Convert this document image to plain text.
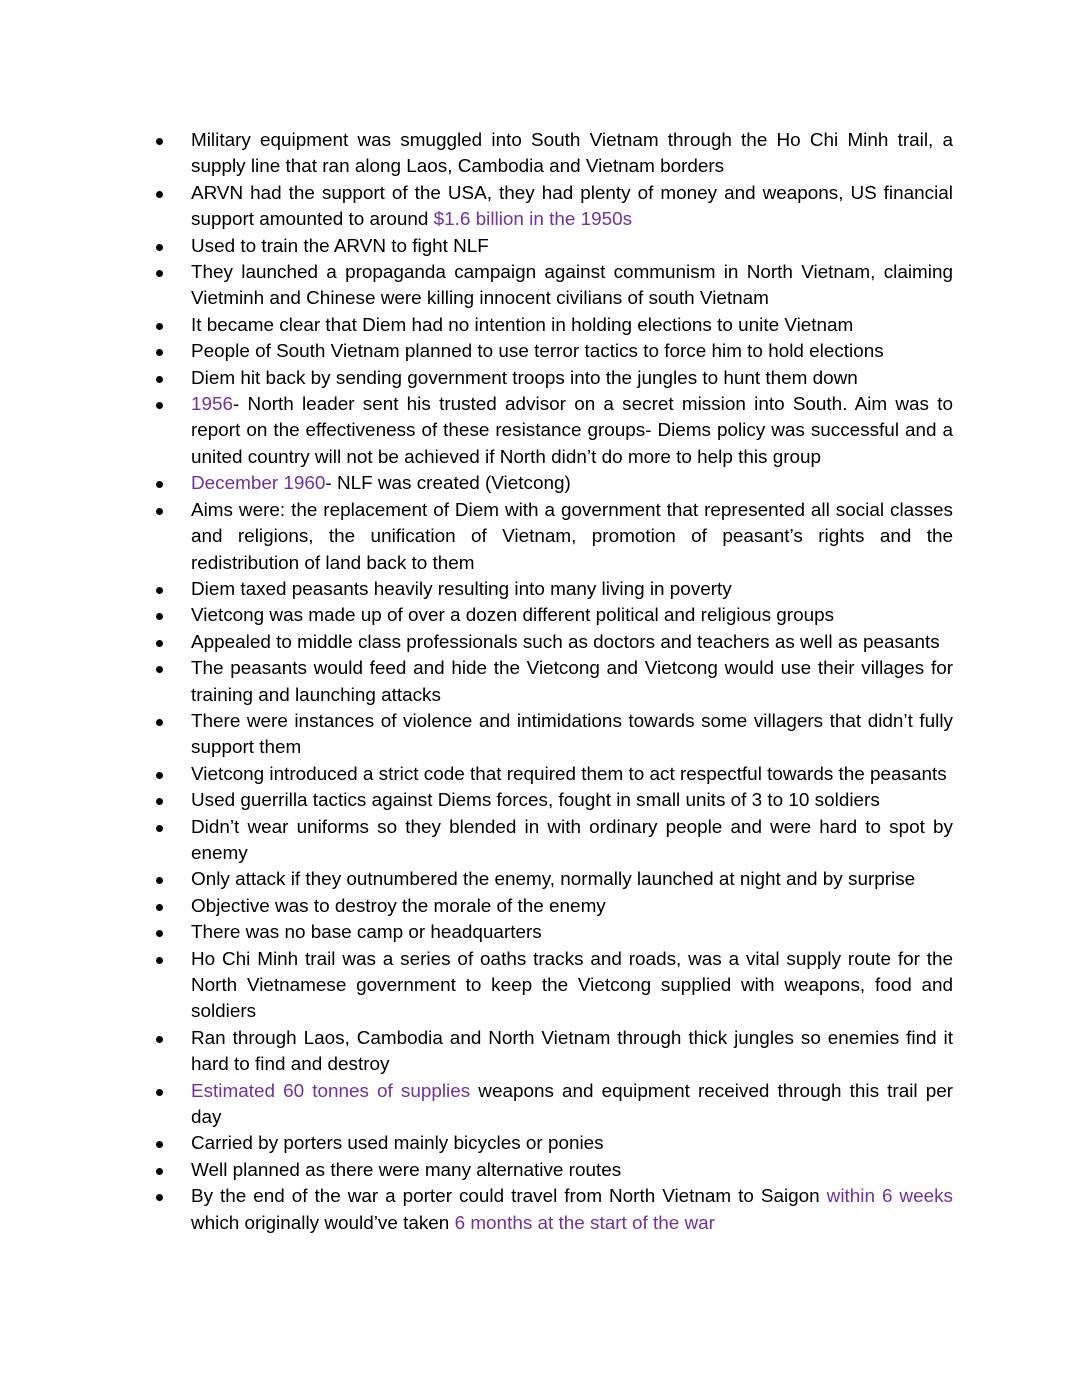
Military equipment was smuggled into South Vietnam through the Ho Chi Minh trail, a supply line that ran along Laos, Cambodia and Vietnam borders
ARVN had the support of the USA, they had plenty of money and weapons, US financial support amounted to around $1.6 billion in the 1950s
Used to train the ARVN to fight NLF
They launched a propaganda campaign against communism in North Vietnam, claiming Vietminh and Chinese were killing innocent civilians of south Vietnam
It became clear that Diem had no intention in holding elections to unite Vietnam
People of South Vietnam planned to use terror tactics to force him to hold elections
Diem hit back by sending government troops into the jungles to hunt them down
1956- North leader sent his trusted advisor on a secret mission into South. Aim was to report on the effectiveness of these resistance groups- Diems policy was successful and a united country will not be achieved if North didn’t do more to help this group
December 1960- NLF was created (Vietcong)
Aims were: the replacement of Diem with a government that represented all social classes and religions, the unification of Vietnam, promotion of peasant’s rights and the redistribution of land back to them
Diem taxed peasants heavily resulting into many living in poverty
Vietcong was made up of over a dozen different political and religious groups
Appealed to middle class professionals such as doctors and teachers as well as peasants
The peasants would feed and hide the Vietcong and Vietcong would use their villages for training and launching attacks
There were instances of violence and intimidations towards some villagers that didn’t fully support them
Vietcong introduced a strict code that required them to act respectful towards the peasants
Used guerrilla tactics against Diems forces, fought in small units of 3 to 10 soldiers
Didn’t wear uniforms so they blended in with ordinary people and were hard to spot by enemy
Only attack if they outnumbered the enemy, normally launched at night and by surprise
Objective was to destroy the morale of the enemy
There was no base camp or headquarters
Ho Chi Minh trail was a series of oaths tracks and roads, was a vital supply route for the North Vietnamese government to keep the Vietcong supplied with weapons, food and soldiers
Ran through Laos, Cambodia and North Vietnam through thick jungles so enemies find it hard to find and destroy
Estimated 60 tonnes of supplies weapons and equipment received through this trail per day
Carried by porters used mainly bicycles or ponies
Well planned as there were many alternative routes
By the end of the war a porter could travel from North Vietnam to Saigon within 6 weeks which originally would’ve taken 6 months at the start of the war
